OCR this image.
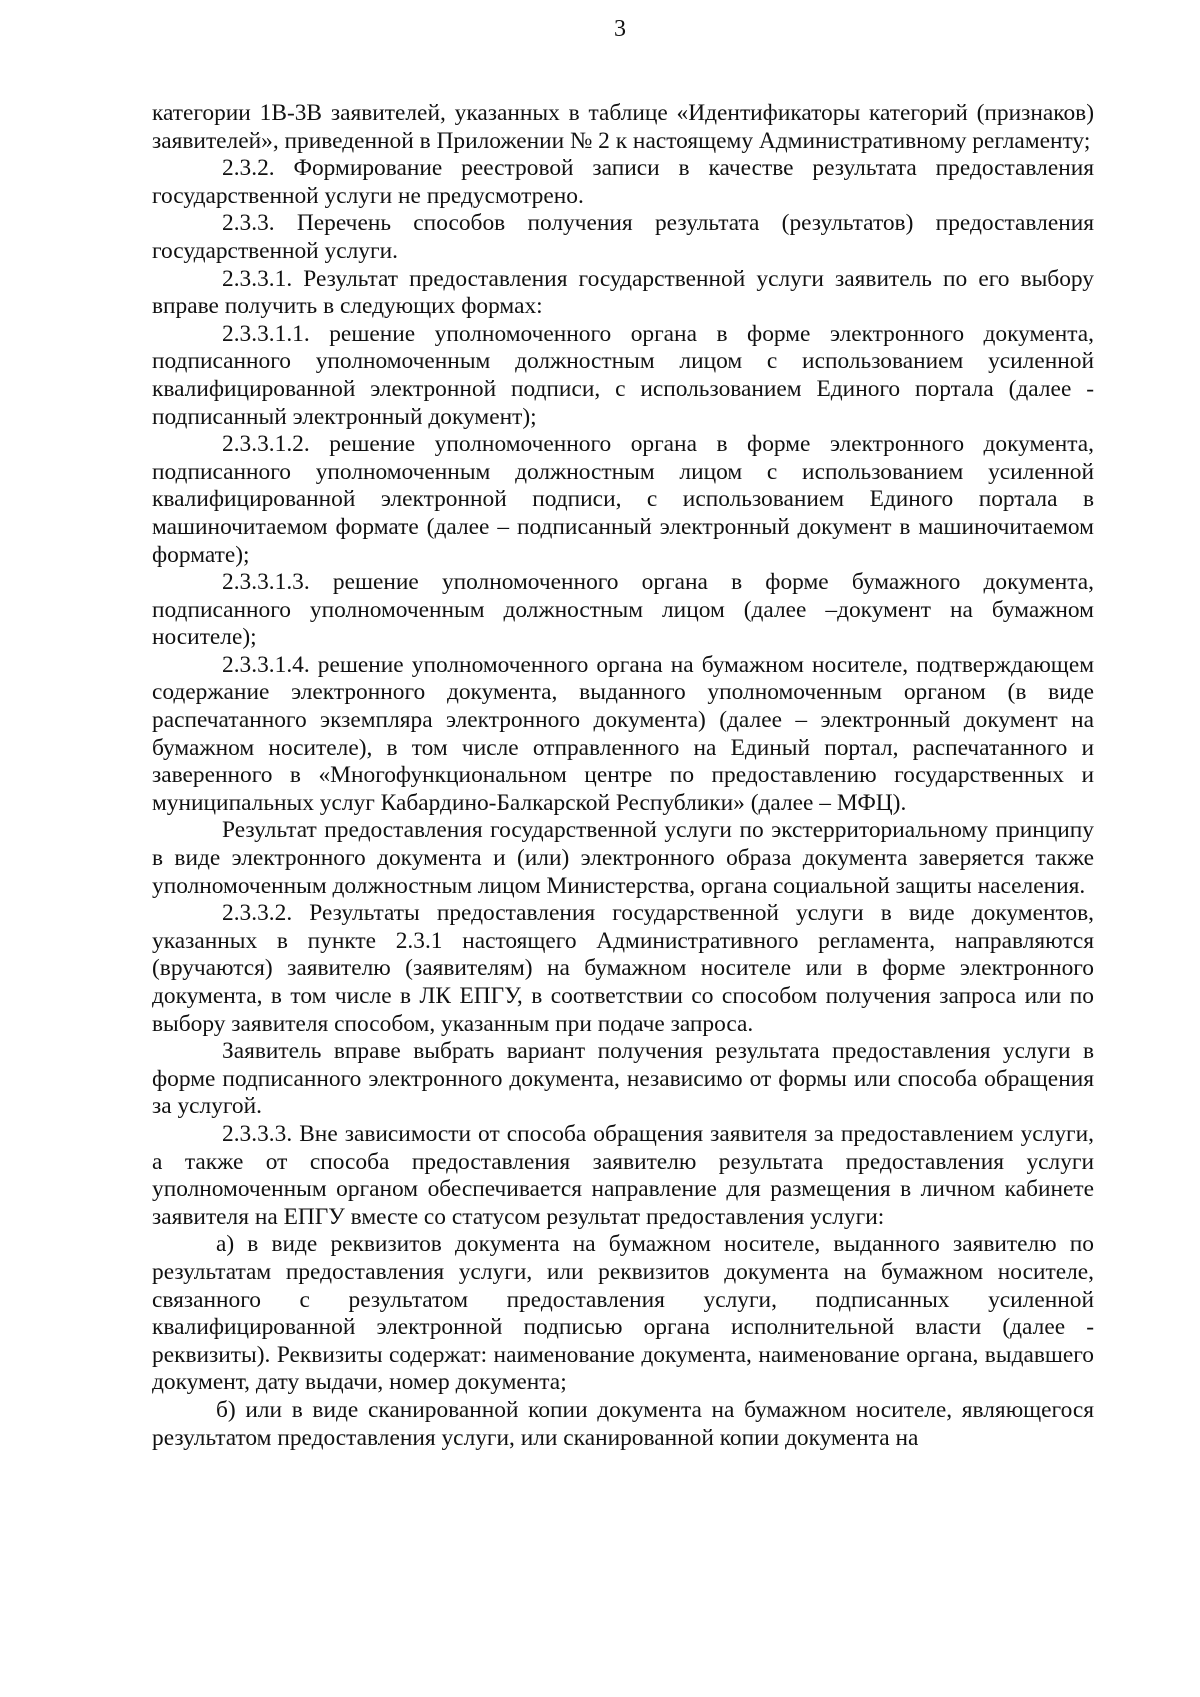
3

категории 1В-3В заявителей, указанных в таблице «Идентификаторы категорий (признаков) заявителей», приведенной в Приложении № 2 к настоящему Административному регламенту;

2.3.2. Формирование реестровой записи в качестве результата предоставления государственной услуги не предусмотрено.

2.3.3. Перечень способов получения результата (результатов) предоставления государственной услуги.

2.3.3.1. Результат предоставления государственной услуги заявитель по его выбору вправе получить в следующих формах:

2.3.3.1.1. решение уполномоченного органа в форме электронного документа, подписанного уполномоченным должностным лицом с использованием усиленной квалифицированной электронной подписи, с использованием Единого портала (далее - подписанный электронный документ);

2.3.3.1.2. решение уполномоченного органа в форме электронного документа, подписанного уполномоченным должностным лицом с использованием усиленной квалифицированной электронной подписи, с использованием Единого портала в машиночитаемом формате (далее – подписанный электронный документ в машиночитаемом формате);

2.3.3.1.3. решение уполномоченного органа в форме бумажного документа, подписанного уполномоченным должностным лицом (далее –документ на бумажном носителе);

2.3.3.1.4. решение уполномоченного органа на бумажном носителе, подтверждающем содержание электронного документа, выданного уполномоченным органом (в виде распечатанного экземпляра электронного документа) (далее – электронный документ на бумажном носителе), в том числе отправленного на Единый портал, распечатанного и заверенного в «Многофункциональном центре по предоставлению государственных и муниципальных услуг Кабардино-Балкарской Республики» (далее – МФЦ).

Результат предоставления государственной услуги по экстерриториальному принципу в виде электронного документа и (или) электронного образа документа заверяется также уполномоченным должностным лицом Министерства, органа социальной защиты населения.

2.3.3.2. Результаты предоставления государственной услуги в виде документов, указанных в пункте 2.3.1 настоящего Административного регламента, направляются (вручаются) заявителю (заявителям) на бумажном носителе или в форме электронного документа, в том числе в ЛК ЕПГУ, в соответствии со способом получения запроса или по выбору заявителя способом, указанным при подаче запроса.

Заявитель вправе выбрать вариант получения результата предоставления услуги в форме подписанного электронного документа, независимо от формы или способа обращения за услугой.

2.3.3.3. Вне зависимости от способа обращения заявителя за предоставлением услуги, а также от способа предоставления заявителю результата предоставления услуги уполномоченным органом обеспечивается направление для размещения в личном кабинете заявителя на ЕПГУ вместе со статусом результат предоставления услуги:

а) в виде реквизитов документа на бумажном носителе, выданного заявителю по результатам предоставления услуги, или реквизитов документа на бумажном носителе, связанного с результатом предоставления услуги, подписанных усиленной квалифицированной электронной подписью органа исполнительной власти (далее - реквизиты). Реквизиты содержат: наименование документа, наименование органа, выдавшего документ, дату выдачи, номер документа;

б) или в виде сканированной копии документа на бумажном носителе, являющегося результатом предоставления услуги, или сканированной копии документа на
